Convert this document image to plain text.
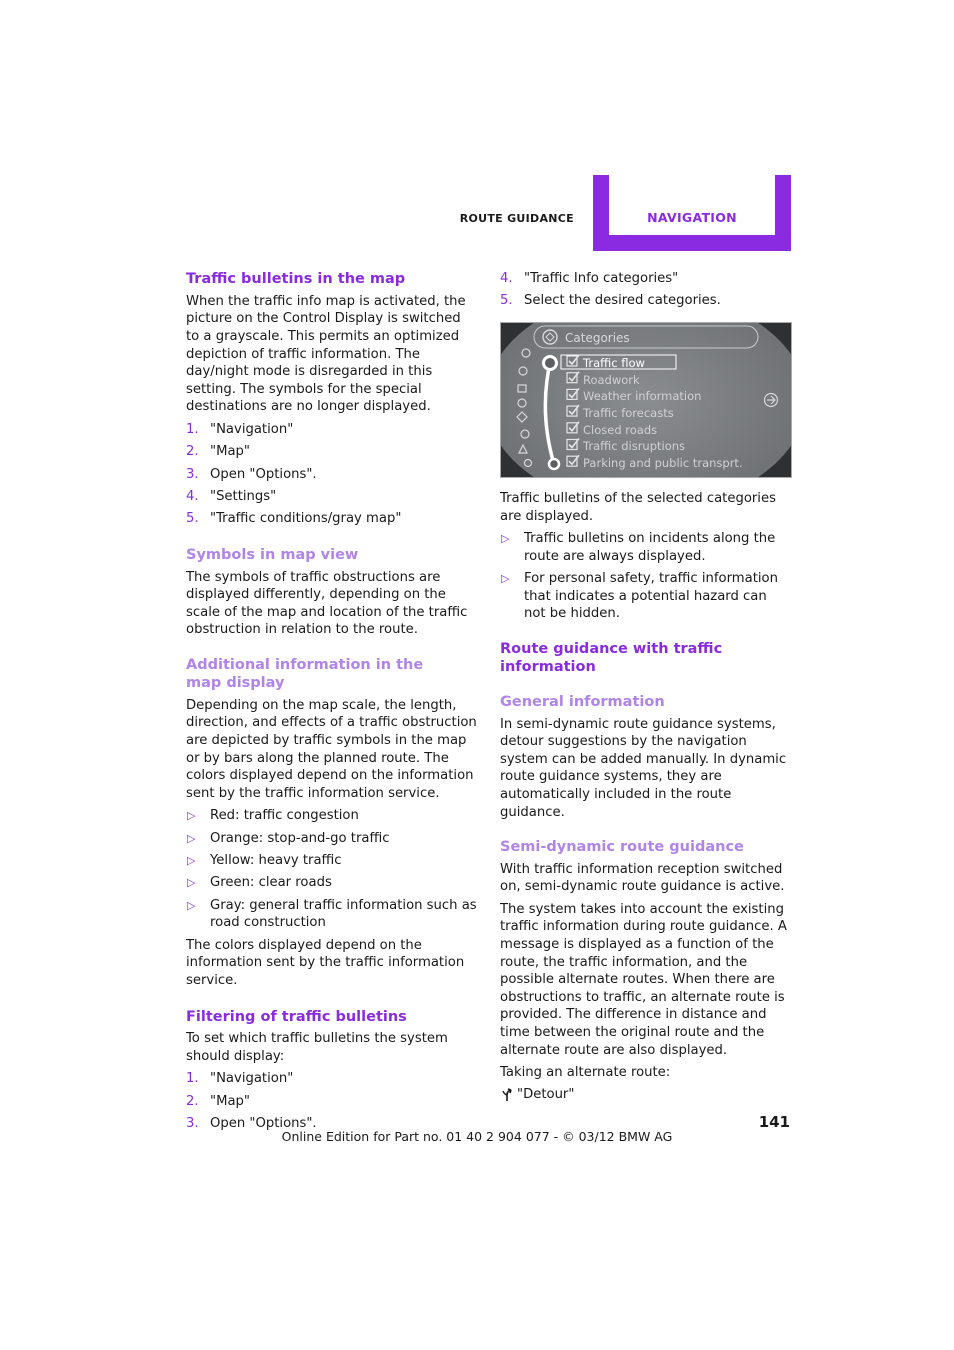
ROUTE GUIDANCE	NAVIGATION
Traffic bulletins in the map

When the traffic info map is activated, the picture on the Control Display is switched to a grayscale. This permits an optimized depiction of traffic information. The day/night mode is disregarded in this setting. The symbols for the special destinations are no longer displayed.

1. "Navigation"
2. "Map"
3. Open "Options".
4. "Settings"
5. "Traffic conditions/gray map"
Symbols in map view

The symbols of traffic obstructions are displayed differently, depending on the scale of the map and location of the traffic obstruction in relation to the route.

Additional information in the map display

Depending on the map scale, the length, direction, and effects of a traffic obstruction are depicted by traffic symbols in the map or by bars along the planned route. The colors displayed depend on the information sent by the traffic information service.

▷ Red: traffic congestion
▷ Orange: stop-and-go traffic
▷ Yellow: heavy traffic
▷ Green: clear roads
▷ Gray: general traffic information such as road construction

The colors displayed depend on the information sent by the traffic information service.

Filtering of traffic bulletins

To set which traffic bulletins the system should display:

1. "Navigation"
2. "Map"
3. Open "Options".
4. "Traffic Info categories"
5. Select the desired categories.
Categories
Traffic flow
Roadwork
Weather information
Traffic forecasts
Closed roads
Traffic disruptions
Parking and public transprt.

Traffic bulletins of the selected categories are displayed.

▷ Traffic bulletins on incidents along the route are always displayed.
▷ For personal safety, traffic information that indicates a potential hazard can not be hidden.
Route guidance with traffic information
General information

In semi-dynamic route guidance systems, detour suggestions by the navigation system can be added manually. In dynamic route guidance systems, they are automatically included in the route guidance.

Semi-dynamic route guidance

With traffic information reception switched on, semi-dynamic route guidance is active.

The system takes into account the existing traffic information during route guidance. A message is displayed as a function of the route, the traffic information, and the possible alternate routes. When there are obstructions to traffic, an alternate route is provided. The difference in distance and time between the original route and the alternate route are also displayed.

Taking an alternate route:

"Detour"
141
Online Edition for Part no. 01 40 2 904 077 - © 03/12 BMW AG
